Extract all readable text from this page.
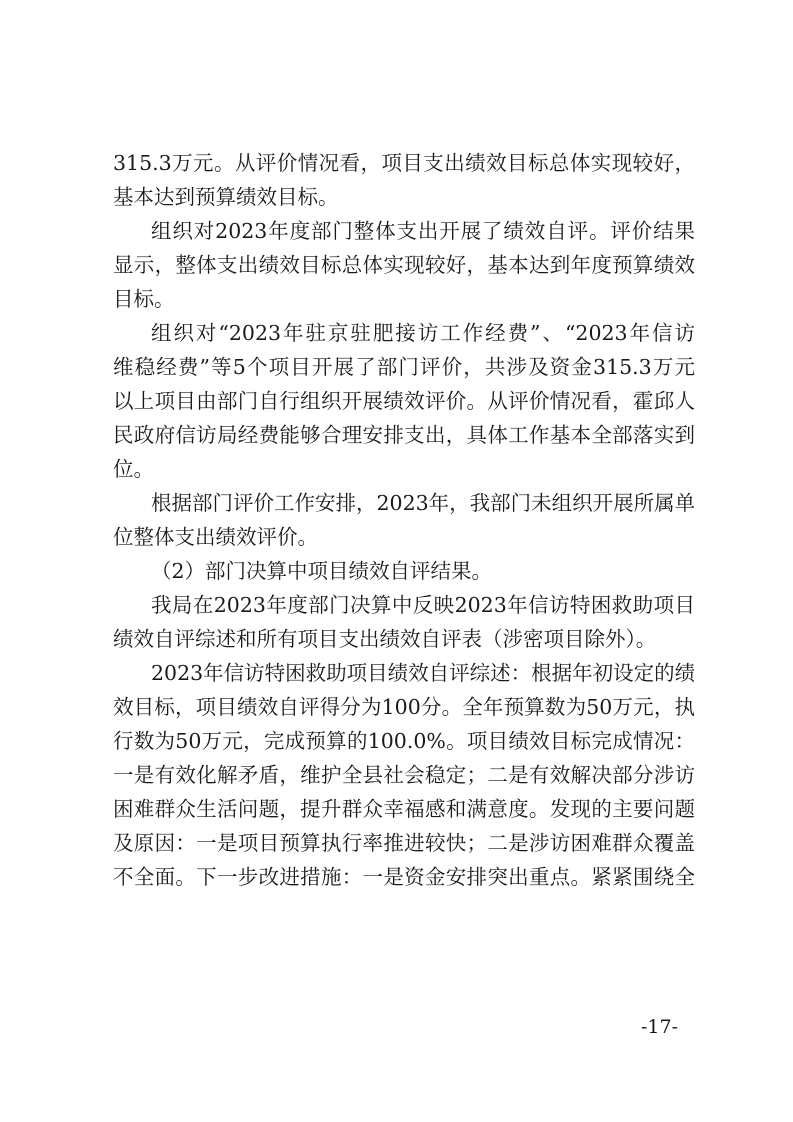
315.3万元。从评价情况看，项目支出绩效目标总体实现较好，
基本达到预算绩效目标。
组织对2023年度部门整体支出开展了绩效自评。评价结果
显示，整体支出绩效目标总体实现较好，基本达到年度预算绩效
目标。
组织对“2023年驻京驻肥接访工作经费”、“2023年信访
维稳经费”等5个项目开展了部门评价，共涉及资金315.3万元
以上项目由部门自行组织开展绩效评价。从评价情况看，霍邱人
民政府信访局经费能够合理安排支出，具体工作基本全部落实到
位。
根据部门评价工作安排，2023年，我部门未组织开展所属单
位整体支出绩效评价。
（2）部门决算中项目绩效自评结果。
我局在2023年度部门决算中反映2023年信访特困救助项目
绩效自评综述和所有项目支出绩效自评表（涉密项目除外）。
2023年信访特困救助项目绩效自评综述：根据年初设定的绩
效目标，项目绩效自评得分为100分。全年预算数为50万元，执
行数为50万元，完成预算的100.0%。项目绩效目标完成情况：
一是有效化解矛盾，维护全县社会稳定；二是有效解决部分涉访
困难群众生活问题，提升群众幸福感和满意度。发现的主要问题
及原因：一是项目预算执行率推进较快；二是涉访困难群众覆盖
不全面。下一步改进措施：一是资金安排突出重点。紧紧围绕全
-17-
